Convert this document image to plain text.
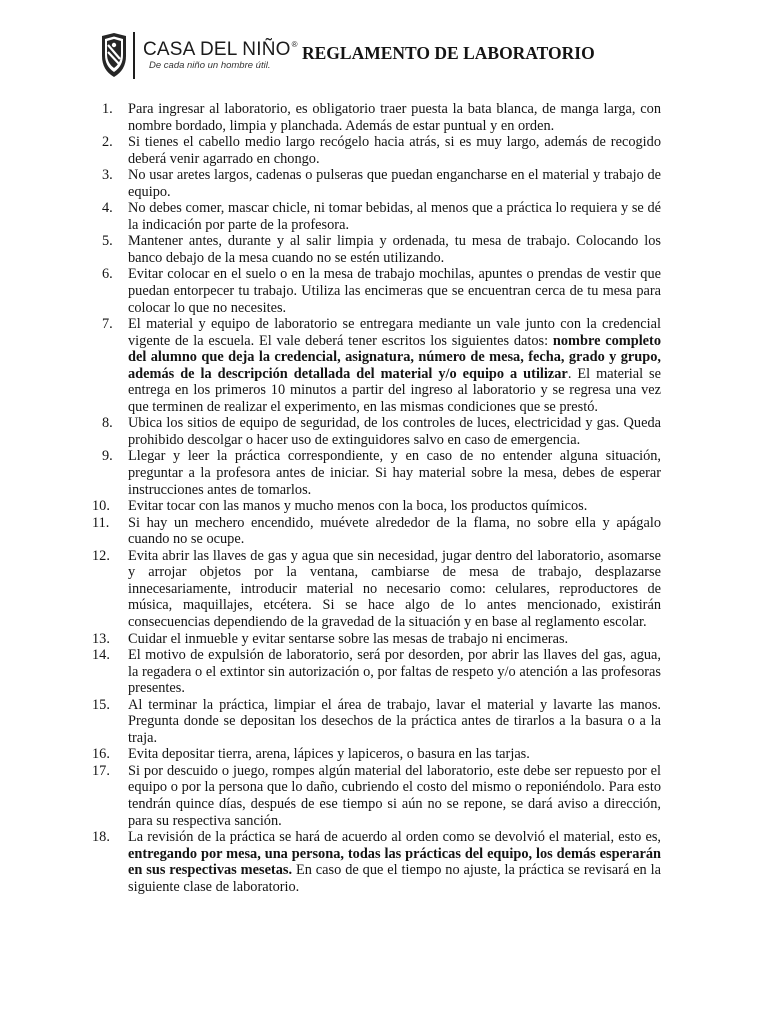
CASA DEL NIÑO®
De cada niño un hombre útil.
REGLAMENTO DE LABORATORIO
1.	Para ingresar al laboratorio, es obligatorio traer puesta la bata blanca, de manga larga, con nombre bordado, limpia y planchada. Además de estar puntual y en orden.
2.	Si tienes el cabello medio largo recógelo hacia atrás, si es muy largo, además de recogido deberá venir agarrado en chongo.
3.	No usar aretes largos, cadenas o pulseras que puedan engancharse en el material y trabajo de equipo.
4.	No debes comer, mascar chicle, ni tomar bebidas, al menos que a práctica lo requiera y se dé la indicación por parte de la profesora.
5.	Mantener antes, durante y al salir limpia y ordenada, tu mesa de trabajo. Colocando los banco debajo de la mesa cuando no se estén utilizando.
6.	Evitar colocar en el suelo o en la mesa de trabajo mochilas, apuntes o prendas de vestir que puedan entorpecer tu trabajo. Utiliza las encimeras que se encuentran cerca de tu mesa para colocar lo que no necesites.
7.	El material y equipo de laboratorio se entregara mediante un vale junto con la credencial vigente de la escuela. El vale deberá tener escritos los siguientes datos: nombre completo del alumno que deja la credencial, asignatura, número de mesa, fecha, grado y grupo, además de la descripción detallada del material y/o equipo a utilizar. El material se entrega en los primeros 10 minutos a partir del ingreso al laboratorio y se regresa una vez que terminen de realizar el experimento, en las mismas condiciones que se prestó.
8.	Ubica los sitios de equipo de seguridad, de los controles de luces, electricidad y gas. Queda prohibido descolgar o hacer uso de extinguidores salvo en caso de emergencia.
9.	Llegar y leer la práctica correspondiente, y en caso de no entender alguna situación, preguntar a la profesora antes de iniciar. Si hay material sobre la mesa, debes de esperar instrucciones antes de tomarlos.
10.	Evitar tocar con las manos y mucho menos con la boca, los productos químicos.
11.	Si hay un mechero encendido, muévete alrededor de la flama, no sobre ella y apágalo cuando no se ocupe.
12.	Evita abrir las llaves de gas y agua que sin necesidad, jugar dentro del laboratorio, asomarse y arrojar objetos por la ventana, cambiarse de mesa de trabajo, desplazarse innecesariamente, introducir material no necesario como: celulares, reproductores de música, maquillajes, etcétera. Si se hace algo de lo antes mencionado, existirán consecuencias dependiendo de la gravedad de la situación y en base al reglamento escolar.
13.	Cuidar el inmueble y evitar sentarse sobre las mesas de trabajo ni encimeras.
14.	El motivo de expulsión de laboratorio, será por desorden, por abrir las llaves del gas, agua, la regadera o el extintor sin autorización o, por faltas de respeto y/o atención a las profesoras presentes.
15.	Al terminar la práctica, limpiar el área de trabajo, lavar el material y lavarte las manos. Pregunta donde se depositan los desechos de la práctica antes de tirarlos a la basura o a la traja.
16.	Evita depositar tierra, arena, lápices y lapiceros, o basura en las tarjas.
17.	Si por descuido o juego, rompes algún material del laboratorio, este debe ser repuesto por el equipo o por la persona que lo daño, cubriendo el costo del mismo o reponiéndolo. Para esto tendrán quince días, después de ese tiempo si aún no se repone, se dará aviso a dirección, para su respectiva sanción.
18.	La revisión de la práctica se hará de acuerdo al orden como se devolvió el material, esto es, entregando por mesa, una persona, todas las prácticas del equipo, los demás esperarán en sus respectivas mesetas. En caso de que el tiempo no ajuste, la práctica se revisará en la siguiente clase de laboratorio.
